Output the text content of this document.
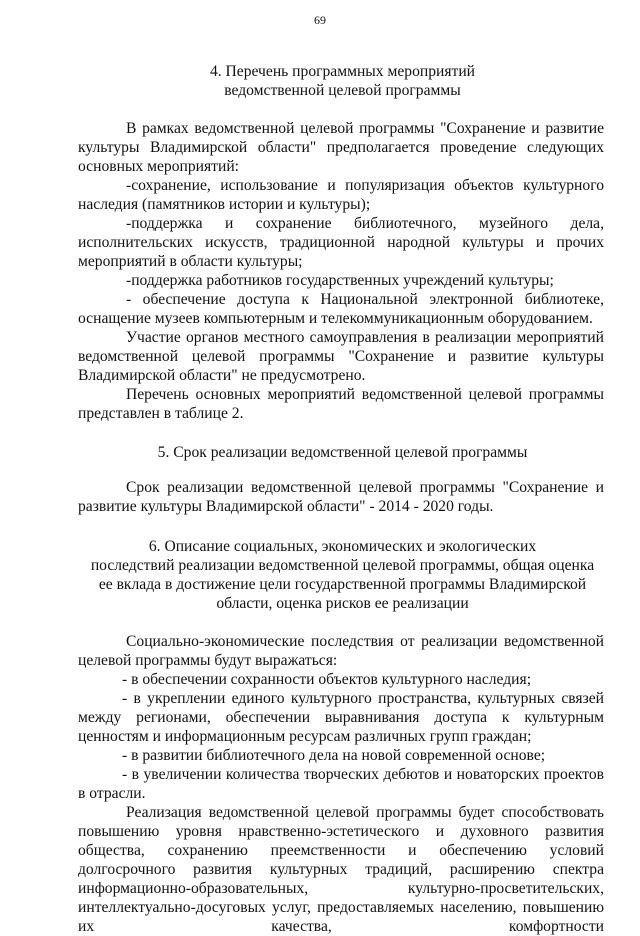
69
4. Перечень программных мероприятий
ведомственной целевой программы
В рамках ведомственной целевой программы "Сохранение и развитие культуры Владимирской области" предполагается проведение следующих основных мероприятий:
-сохранение, использование и популяризация объектов культурного наследия (памятников истории и культуры);
-поддержка и сохранение библиотечного, музейного дела, исполнительских искусств, традиционной народной культуры и прочих мероприятий в области культуры;
-поддержка работников государственных учреждений культуры;
- обеспечение доступа к Национальной электронной библиотеке, оснащение музеев компьютерным и телекоммуникационным оборудованием.
Участие органов местного самоуправления в реализации мероприятий ведомственной целевой программы "Сохранение и развитие культуры Владимирской области" не предусмотрено.
Перечень основных мероприятий ведомственной целевой программы представлен в таблице 2.
5. Срок реализации ведомственной целевой программы
Срок реализации ведомственной целевой программы "Сохранение и развитие культуры Владимирской области" - 2014 - 2020 годы.
6. Описание социальных, экономических и экологических
последствий реализации ведомственной целевой программы, общая оценка
ее вклада в достижение цели государственной программы Владимирской
области, оценка рисков ее реализации
Социально-экономические последствия от реализации ведомственной целевой программы будут выражаться:
- в обеспечении сохранности объектов культурного наследия;
- в укреплении единого культурного пространства, культурных связей между регионами, обеспечении выравнивания доступа к культурным ценностям и информационным ресурсам различных групп граждан;
- в развитии библиотечного дела на новой современной основе;
- в увеличении количества творческих дебютов и новаторских проектов в отрасли.
Реализация ведомственной целевой программы будет способствовать повышению уровня нравственно-эстетического и духовного развития общества, сохранению преемственности и обеспечению условий долгосрочного развития культурных традиций, расширению спектра информационно-образовательных, культурно-просветительских, интеллектуально-досуговых услуг, предоставляемых населению, повышению их качества, комфортности
